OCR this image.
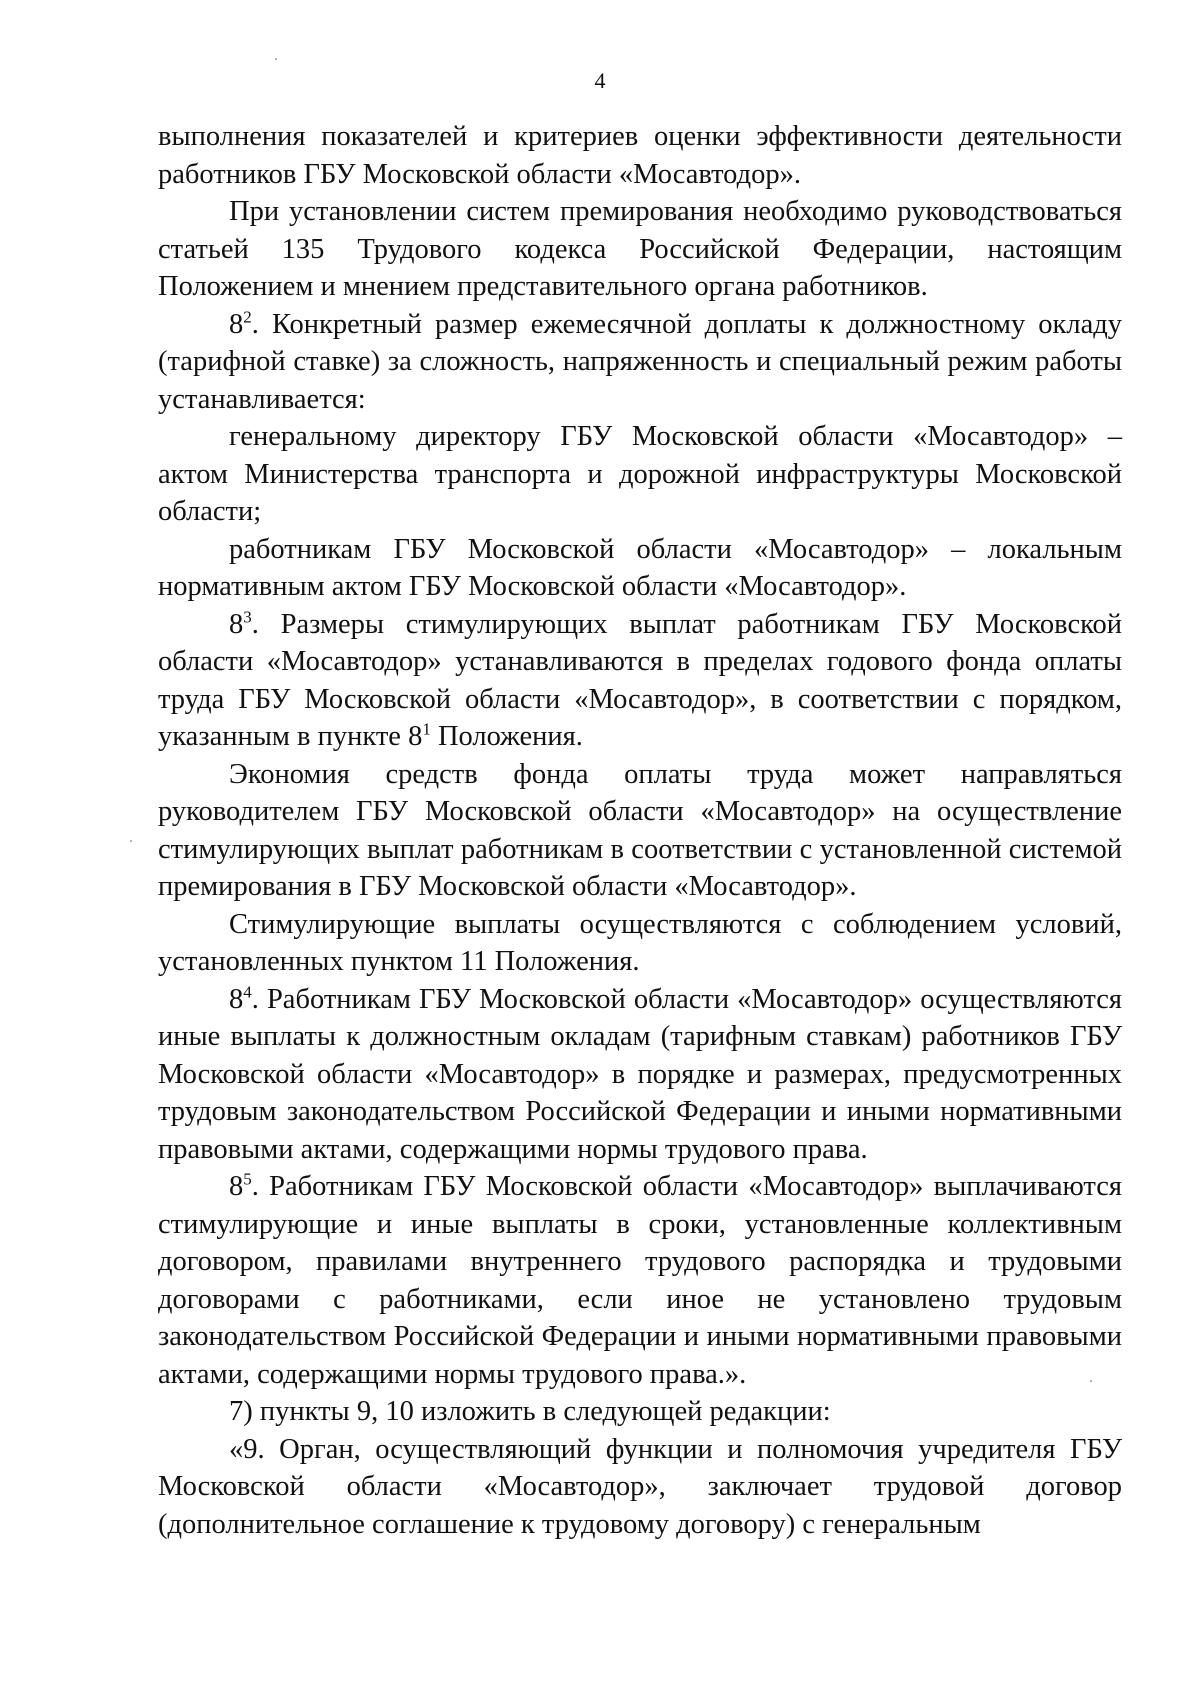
4

выполнения показателей и критериев оценки эффективности деятельности работников ГБУ Московской области «Мосавтодор».

При установлении систем премирования необходимо руководствоваться статьей 135 Трудового кодекса Российской Федерации, настоящим Положением и мнением представительного органа работников.

$8^2$. Конкретный размер ежемесячной доплаты к должностному окладу (тарифной ставке) за сложность, напряженность и специальный режим работы устанавливается:

генеральному директору ГБУ Московской области «Мосавтодор» – актом Министерства транспорта и дорожной инфраструктуры Московской области;

работникам ГБУ Московской области «Мосавтодор» – локальным нормативным актом ГБУ Московской области «Мосавтодор».

$8^3$. Размеры стимулирующих выплат работникам ГБУ Московской области «Мосавтодор» устанавливаются в пределах годового фонда оплаты труда ГБУ Московской области «Мосавтодор», в соответствии с порядком, указанным в пункте $8^1$ Положения.

Экономия средств фонда оплаты труда может направляться руководителем ГБУ Московской области «Мосавтодор» на осуществление стимулирующих выплат работникам в соответствии с установленной системой премирования в ГБУ Московской области «Мосавтодор».

Стимулирующие выплаты осуществляются с соблюдением условий, установленных пунктом 11 Положения.

$8^4$. Работникам ГБУ Московской области «Мосавтодор» осуществляются иные выплаты к должностным окладам (тарифным ставкам) работников ГБУ Московской области «Мосавтодор» в порядке и размерах, предусмотренных трудовым законодательством Российской Федерации и иными нормативными правовыми актами, содержащими нормы трудового права.

$8^5$. Работникам ГБУ Московской области «Мосавтодор» выплачиваются стимулирующие и иные выплаты в сроки, установленные коллективным договором, правилами внутреннего трудового распорядка и трудовыми договорами с работниками, если иное не установлено трудовым законодательством Российской Федерации и иными нормативными правовыми актами, содержащими нормы трудового права.».

7) пункты 9, 10 изложить в следующей редакции:

«9. Орган, осуществляющий функции и полномочия учредителя ГБУ Московской области «Мосавтодор», заключает трудовой договор (дополнительное соглашение к трудовому договору) с генеральным
